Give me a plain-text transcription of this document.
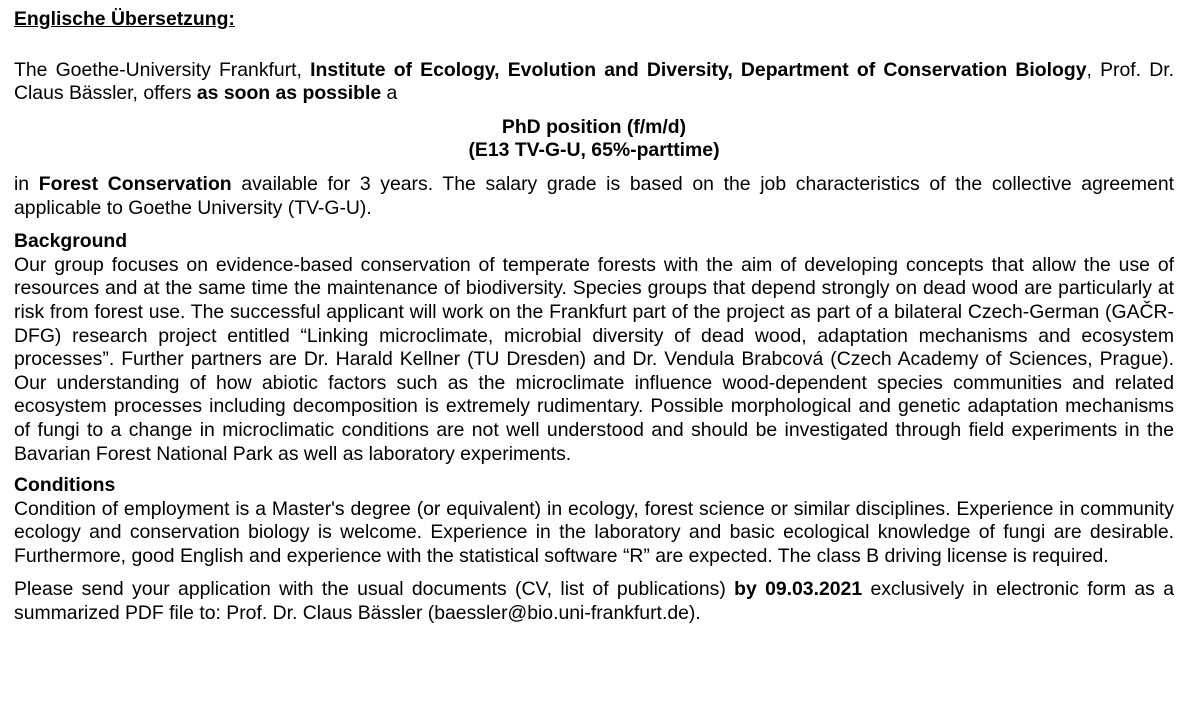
Englische Übersetzung:

The Goethe-University Frankfurt, Institute of Ecology, Evolution and Diversity, Department of Conservation Biology, Prof. Dr. Claus Bässler, offers as soon as possible a

PhD position (f/m/d)
(E13 TV-G-U, 65%-parttime)

in Forest Conservation available for 3 years. The salary grade is based on the job characteristics of the collective agreement applicable to Goethe University (TV-G-U).

Background

Our group focuses on evidence-based conservation of temperate forests with the aim of developing concepts that allow the use of resources and at the same time the maintenance of biodiversity. Species groups that depend strongly on dead wood are particularly at risk from forest use. The successful applicant will work on the Frankfurt part of the project as part of a bilateral Czech-German (GAČR-DFG) research project entitled “Linking microclimate, microbial diversity of dead wood, adaptation mechanisms and ecosystem processes”. Further partners are Dr. Harald Kellner (TU Dresden) and Dr. Vendula Brabcová (Czech Academy of Sciences, Prague). Our understanding of how abiotic factors such as the microclimate influence wood-dependent species communities and related ecosystem processes including decomposition is extremely rudimentary. Possible morphological and genetic adaptation mechanisms of fungi to a change in microclimatic conditions are not well understood and should be investigated through field experiments in the Bavarian Forest National Park as well as laboratory experiments.

Conditions

Condition of employment is a Master's degree (or equivalent) in ecology, forest science or similar disciplines. Experience in community ecology and conservation biology is welcome. Experience in the laboratory and basic ecological knowledge of fungi are desirable. Furthermore, good English and experience with the statistical software “R” are expected. The class B driving license is required.

Please send your application with the usual documents (CV, list of publications) by 09.03.2021 exclusively in electronic form as a summarized PDF file to: Prof. Dr. Claus Bässler (baessler@bio.uni-frankfurt.de).
